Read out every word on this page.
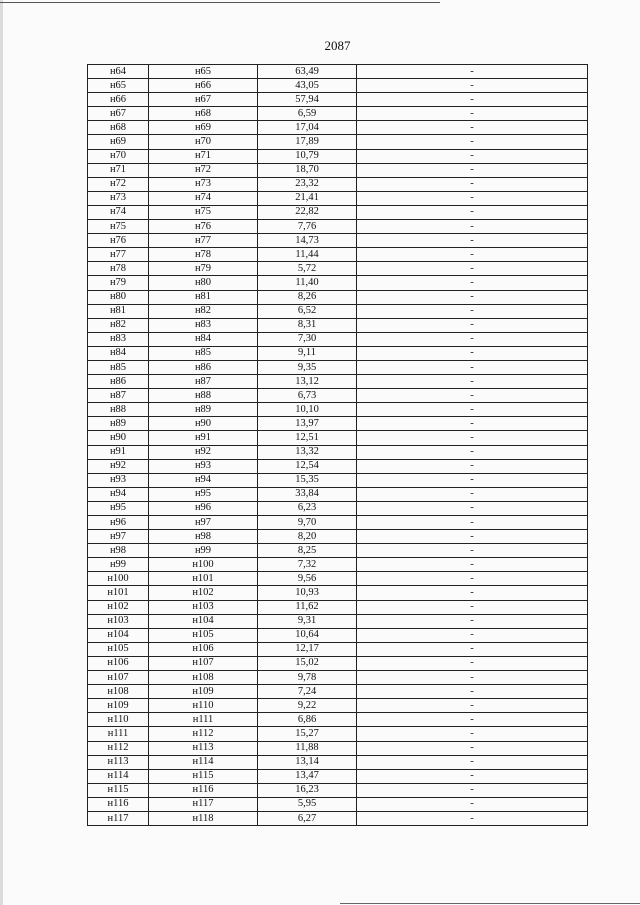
2087
н64	н65	63,49	-
н65	н66	43,05	-
н66	н67	57,94	-
н67	н68	6,59	-
н68	н69	17,04	-
н69	н70	17,89	-
н70	н71	10,79	-
н71	н72	18,70	-
н72	н73	23,32	-
н73	н74	21,41	-
н74	н75	22,82	-
н75	н76	7,76	-
н76	н77	14,73	-
н77	н78	11,44	-
н78	н79	5,72	-
н79	н80	11,40	-
н80	н81	8,26	-
н81	н82	6,52	-
н82	н83	8,31	-
н83	н84	7,30	-
н84	н85	9,11	-
н85	н86	9,35	-
н86	н87	13,12	-
н87	н88	6,73	-
н88	н89	10,10	-
н89	н90	13,97	-
н90	н91	12,51	-
н91	н92	13,32	-
н92	н93	12,54	-
н93	н94	15,35	-
н94	н95	33,84	-
н95	н96	6,23	-
н96	н97	9,70	-
н97	н98	8,20	-
н98	н99	8,25	-
н99	н100	7,32	-
н100	н101	9,56	-
н101	н102	10,93	-
н102	н103	11,62	-
н103	н104	9,31	-
н104	н105	10,64	-
н105	н106	12,17	-
н106	н107	15,02	-
н107	н108	9,78	-
н108	н109	7,24	-
н109	н110	9,22	-
н110	н111	6,86	-
н111	н112	15,27	-
н112	н113	11,88	-
н113	н114	13,14	-
н114	н115	13,47	-
н115	н116	16,23	-
н116	н117	5,95	-
н117	н118	6,27	-
